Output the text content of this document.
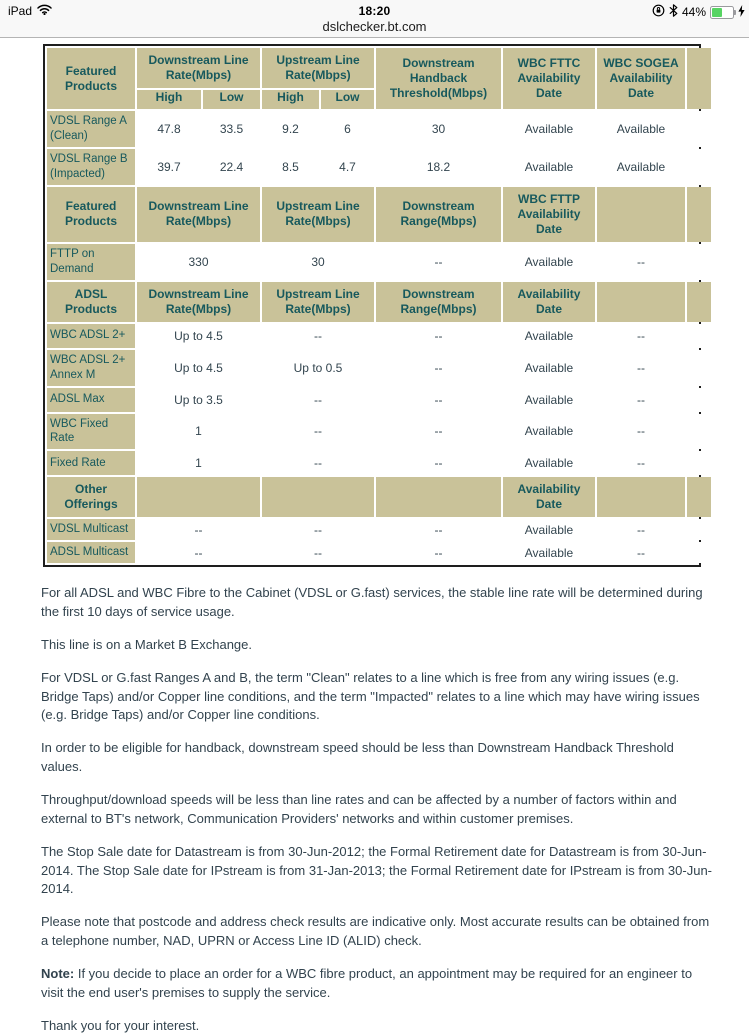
iPad	18:20	44%
dslchecker.bt.com
Featured Products	Downstream Line Rate(Mbps)		Upstream Line Rate(Mbps)		Downstream Handback Threshold(Mbps)	WBC FTTC Availability Date	WBC SOGEA Availability Date	
	High	Low	High	Low				
VDSL Range A (Clean)	47.8	33.5	9.2	6	30	Available	Available	
VDSL Range B (Impacted)	39.7	22.4	8.5	4.7	18.2	Available	Available	
Featured Products	Downstream Line Rate(Mbps)		Upstream Line Rate(Mbps)		Downstream Range(Mbps)	WBC FTTP Availability Date		
FTTP on Demand	330		30		--	Available	--	
ADSL Products	Downstream Line Rate(Mbps)		Upstream Line Rate(Mbps)		Downstream Range(Mbps)	Availability Date		
WBC ADSL 2+	Up to 4.5		--		--	Available	--	
WBC ADSL 2+ Annex M	Up to 4.5		Up to 0.5		--	Available	--	
ADSL Max	Up to 3.5		--		--	Available	--	
WBC Fixed Rate	1		--		--	Available	--	
Fixed Rate	1		--		--	Available	--	
Other Offerings						Availability Date		
VDSL Multicast	--		--		--	Available	--	
ADSL Multicast	--		--		--	Available	--	

For all ADSL and WBC Fibre to the Cabinet (VDSL or G.fast) services, the stable line rate will be determined during the first 10 days of service usage.

This line is on a Market B Exchange.

For VDSL or G.fast Ranges A and B, the term "Clean" relates to a line which is free from any wiring issues (e.g. Bridge Taps) and/or Copper line conditions, and the term "Impacted" relates to a line which may have wiring issues (e.g. Bridge Taps) and/or Copper line conditions.

In order to be eligible for handback, downstream speed should be less than Downstream Handback Threshold values.

Throughput/download speeds will be less than line rates and can be affected by a number of factors within and external to BT's network, Communication Providers' networks and within customer premises.

The Stop Sale date for Datastream is from 30-Jun-2012; the Formal Retirement date for Datastream is from 30-Jun-2014. The Stop Sale date for IPstream is from 31-Jan-2013; the Formal Retirement date for IPstream is from 30-Jun-2014.

Please note that postcode and address check results are indicative only. Most accurate results can be obtained from a telephone number, NAD, UPRN or Access Line ID (ALID) check.

Note: If you decide to place an order for a WBC fibre product, an appointment may be required for an engineer to visit the end user's premises to supply the service.

Thank you for your interest.
